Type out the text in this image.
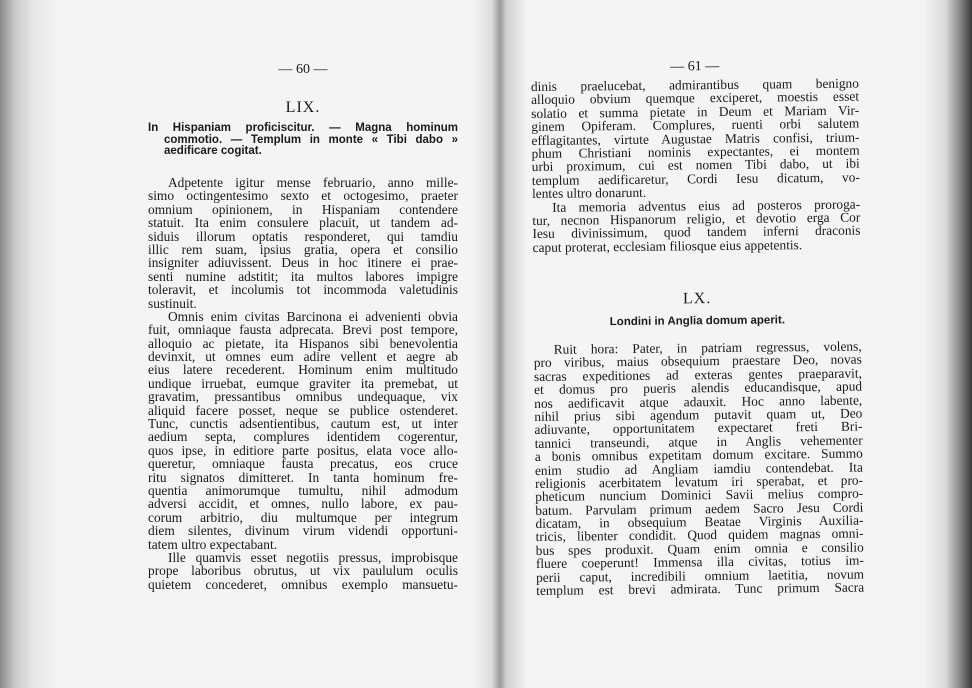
— 60 —
LIX.
In Hispaniam proficiscitur. — Magna hominum
commotio. — Templum in monte « Tibi dabo »
aedificare cogitat.
Adpetente igitur mense februario, anno mille-
simo octingentesimo sexto et octogesimo, praeter
omnium opinionem, in Hispaniam contendere
statuit. Ita enim consulere placuit, ut tandem ad-
siduis illorum optatis responderet, qui tamdiu
illic rem suam, ipsius gratia, opera et consilio
insigniter adiuvissent. Deus in hoc itinere ei prae-
senti numine adstitit; ita multos labores impigre
toleravit, et incolumis tot incommoda valetudinis
sustinuit.
Omnis enim civitas Barcinona ei advenienti obvia
fuit, omniaque fausta adprecata. Brevi post tempore,
alloquio ac pietate, ita Hispanos sibi benevolentia
devinxit, ut omnes eum adire vellent et aegre ab
eius latere recederent. Hominum enim multitudo
undique irruebat, eumque graviter ita premebat, ut
gravatim, pressantibus omnibus undequaque, vix
aliquid facere posset, neque se publice ostenderet.
Tunc, cunctis adsentientibus, cautum est, ut inter
aedium septa, complures identidem cogerentur,
quos ipse, in editiore parte positus, elata voce allo-
queretur, omniaque fausta precatus, eos cruce
ritu signatos dimitteret. In tanta hominum fre-
quentia animorumque tumultu, nihil admodum
adversi accidit, et omnes, nullo labore, ex pau-
corum arbitrio, diu multumque per integrum
diem silentes, divinum virum videndi opportuni-
tatem ultro expectabant.
Ille quamvis esset negotiis pressus, improbisque
prope laboribus obrutus, ut vix paululum oculis
quietem concederet, omnibus exemplo mansuetu-
— 61 —
dinis praelucebat, admirantibus quam benigno
alloquio obvium quemque exciperet, moestis esset
solatio et summa pietate in Deum et Mariam Vir-
ginem Opiferam. Complures, ruenti orbi salutem
efflagitantes, virtute Augustae Matris confisi, trium-
phum Christiani nominis expectantes, ei montem
urbi proximum, cui est nomen Tibi dabo, ut ibi
templum aedificaretur, Cordi Iesu dicatum, vo-
lentes ultro donarunt.
Ita memoria adventus eius ad posteros proroga-
tur, necnon Hispanorum religio, et devotio erga Cor
Iesu divinissimum, quod tandem inferni draconis
caput proterat, ecclesiam filiosque eius appetentis.
LX.
Londini in Anglia domum aperit.
Ruit hora: Pater, in patriam regressus, volens,
pro viribus, maius obsequium praestare Deo, novas
sacras expeditiones ad exteras gentes praeparavit,
et domus pro pueris alendis educandisque, apud
nos aedificavit atque adauxit. Hoc anno labente,
nihil prius sibi agendum putavit quam ut, Deo
adiuvante, opportunitatem expectaret freti Bri-
tannici transeundi, atque in Anglis vehementer
a bonis omnibus expetitam domum excitare. Summo
enim studio ad Angliam iamdiu contendebat. Ita
religionis acerbitatem levatum iri sperabat, et pro-
pheticum nuncium Dominici Savii melius compro-
batum. Parvulam primum aedem Sacro Jesu Cordi
dicatam, in obsequium Beatae Virginis Auxilia-
tricis, libenter condidit. Quod quidem magnas omni-
bus spes produxit. Quam enim omnia e consilio
fluere coeperunt! Immensa illa civitas, totius im-
perii caput, incredibili omnium laetitia, novum
templum est brevi admirata. Tunc primum Sacra
